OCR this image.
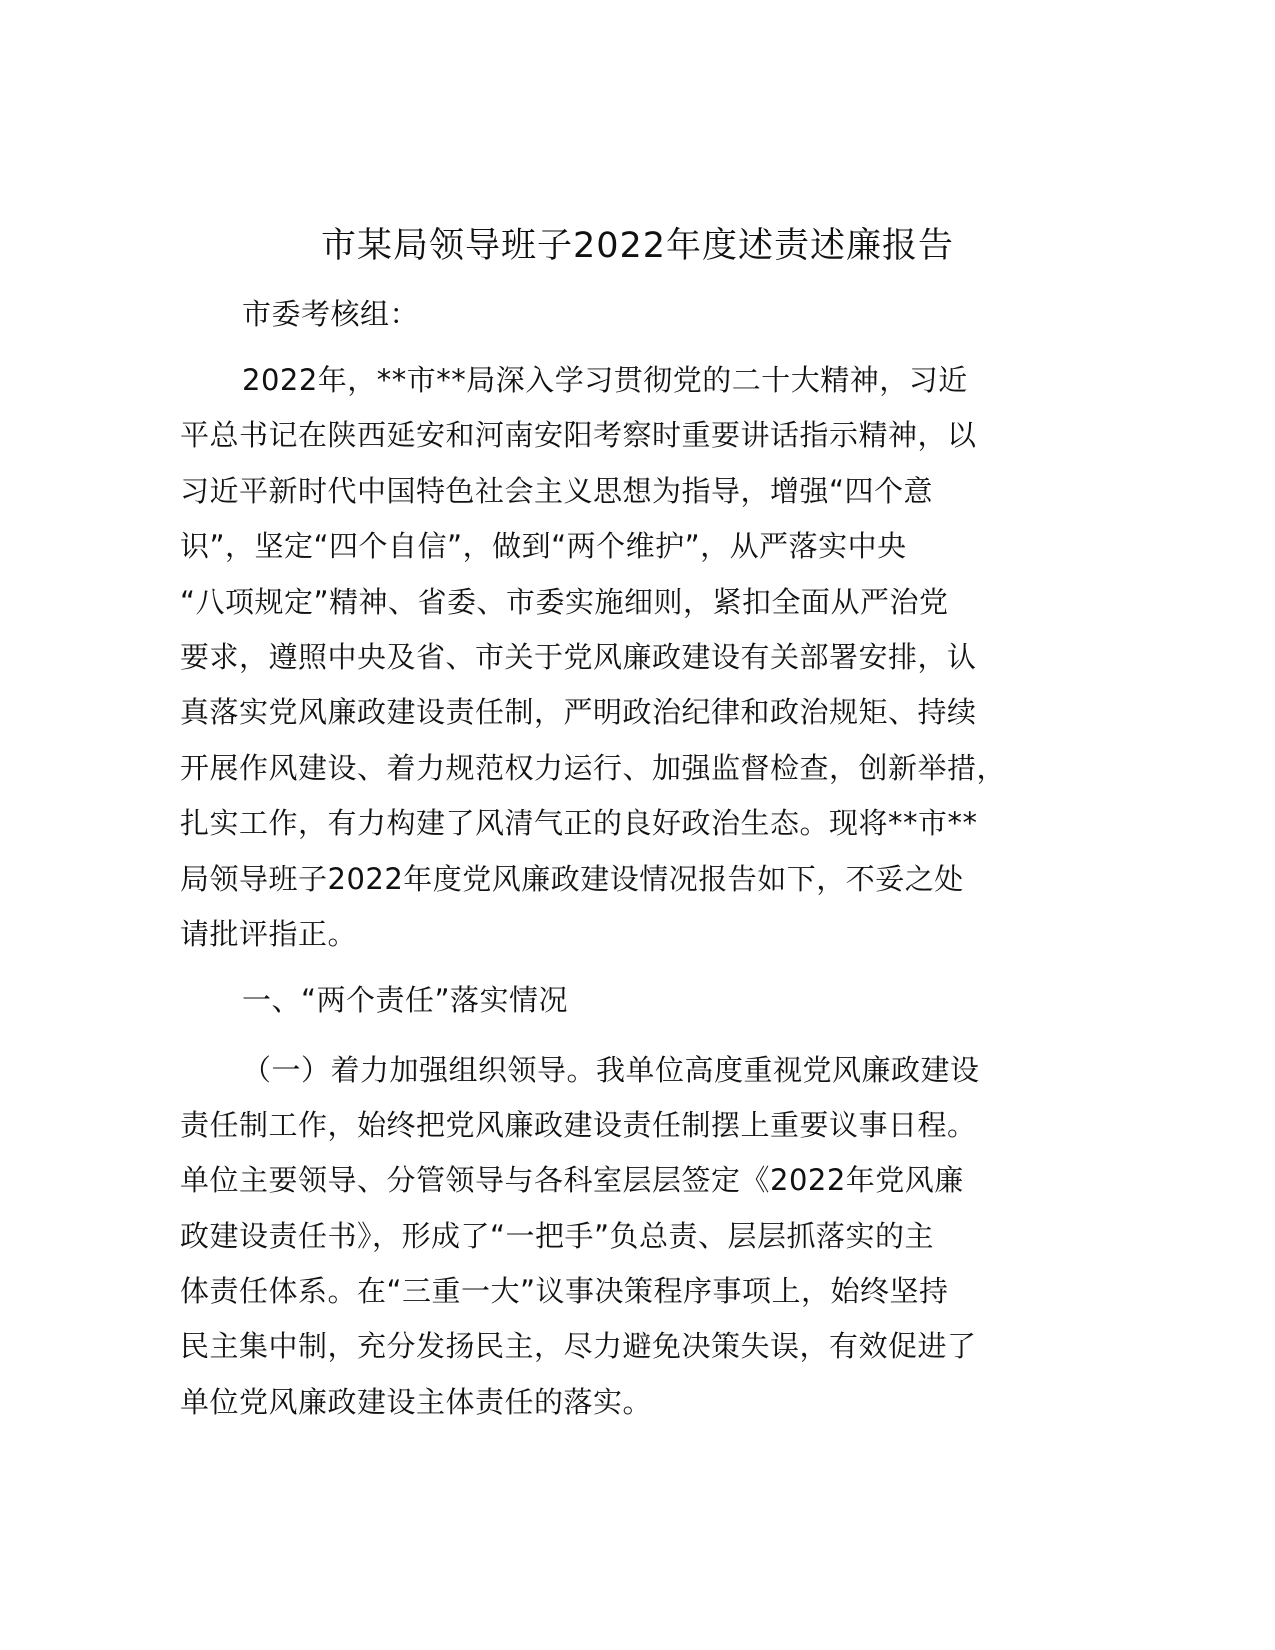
市某局领导班子2022年度述责述廉报告
市委考核组：
2022年，**市**局深入学习贯彻党的二十大精神，习近
平总书记在陕西延安和河南安阳考察时重要讲话指示精神，以
习近平新时代中国特色社会主义思想为指导，增强“四个意
识”，坚定“四个自信”，做到“两个维护”，从严落实中央
“八项规定”精神、省委、市委实施细则，紧扣全面从严治党
要求，遵照中央及省、市关于党风廉政建设有关部署安排，认
真落实党风廉政建设责任制，严明政治纪律和政治规矩、持续
开展作风建设、着力规范权力运行、加强监督检查，创新举措，
扎实工作，有力构建了风清气正的良好政治生态。现将**市**
局领导班子2022年度党风廉政建设情况报告如下，不妥之处
请批评指正。
一、“两个责任”落实情况
（一）着力加强组织领导。我单位高度重视党风廉政建设
责任制工作，始终把党风廉政建设责任制摆上重要议事日程。
单位主要领导、分管领导与各科室层层签定《2022年党风廉
政建设责任书》，形成了“一把手”负总责、层层抓落实的主
体责任体系。在“三重一大”议事决策程序事项上，始终坚持
民主集中制，充分发扬民主，尽力避免决策失误，有效促进了
单位党风廉政建设主体责任的落实。
